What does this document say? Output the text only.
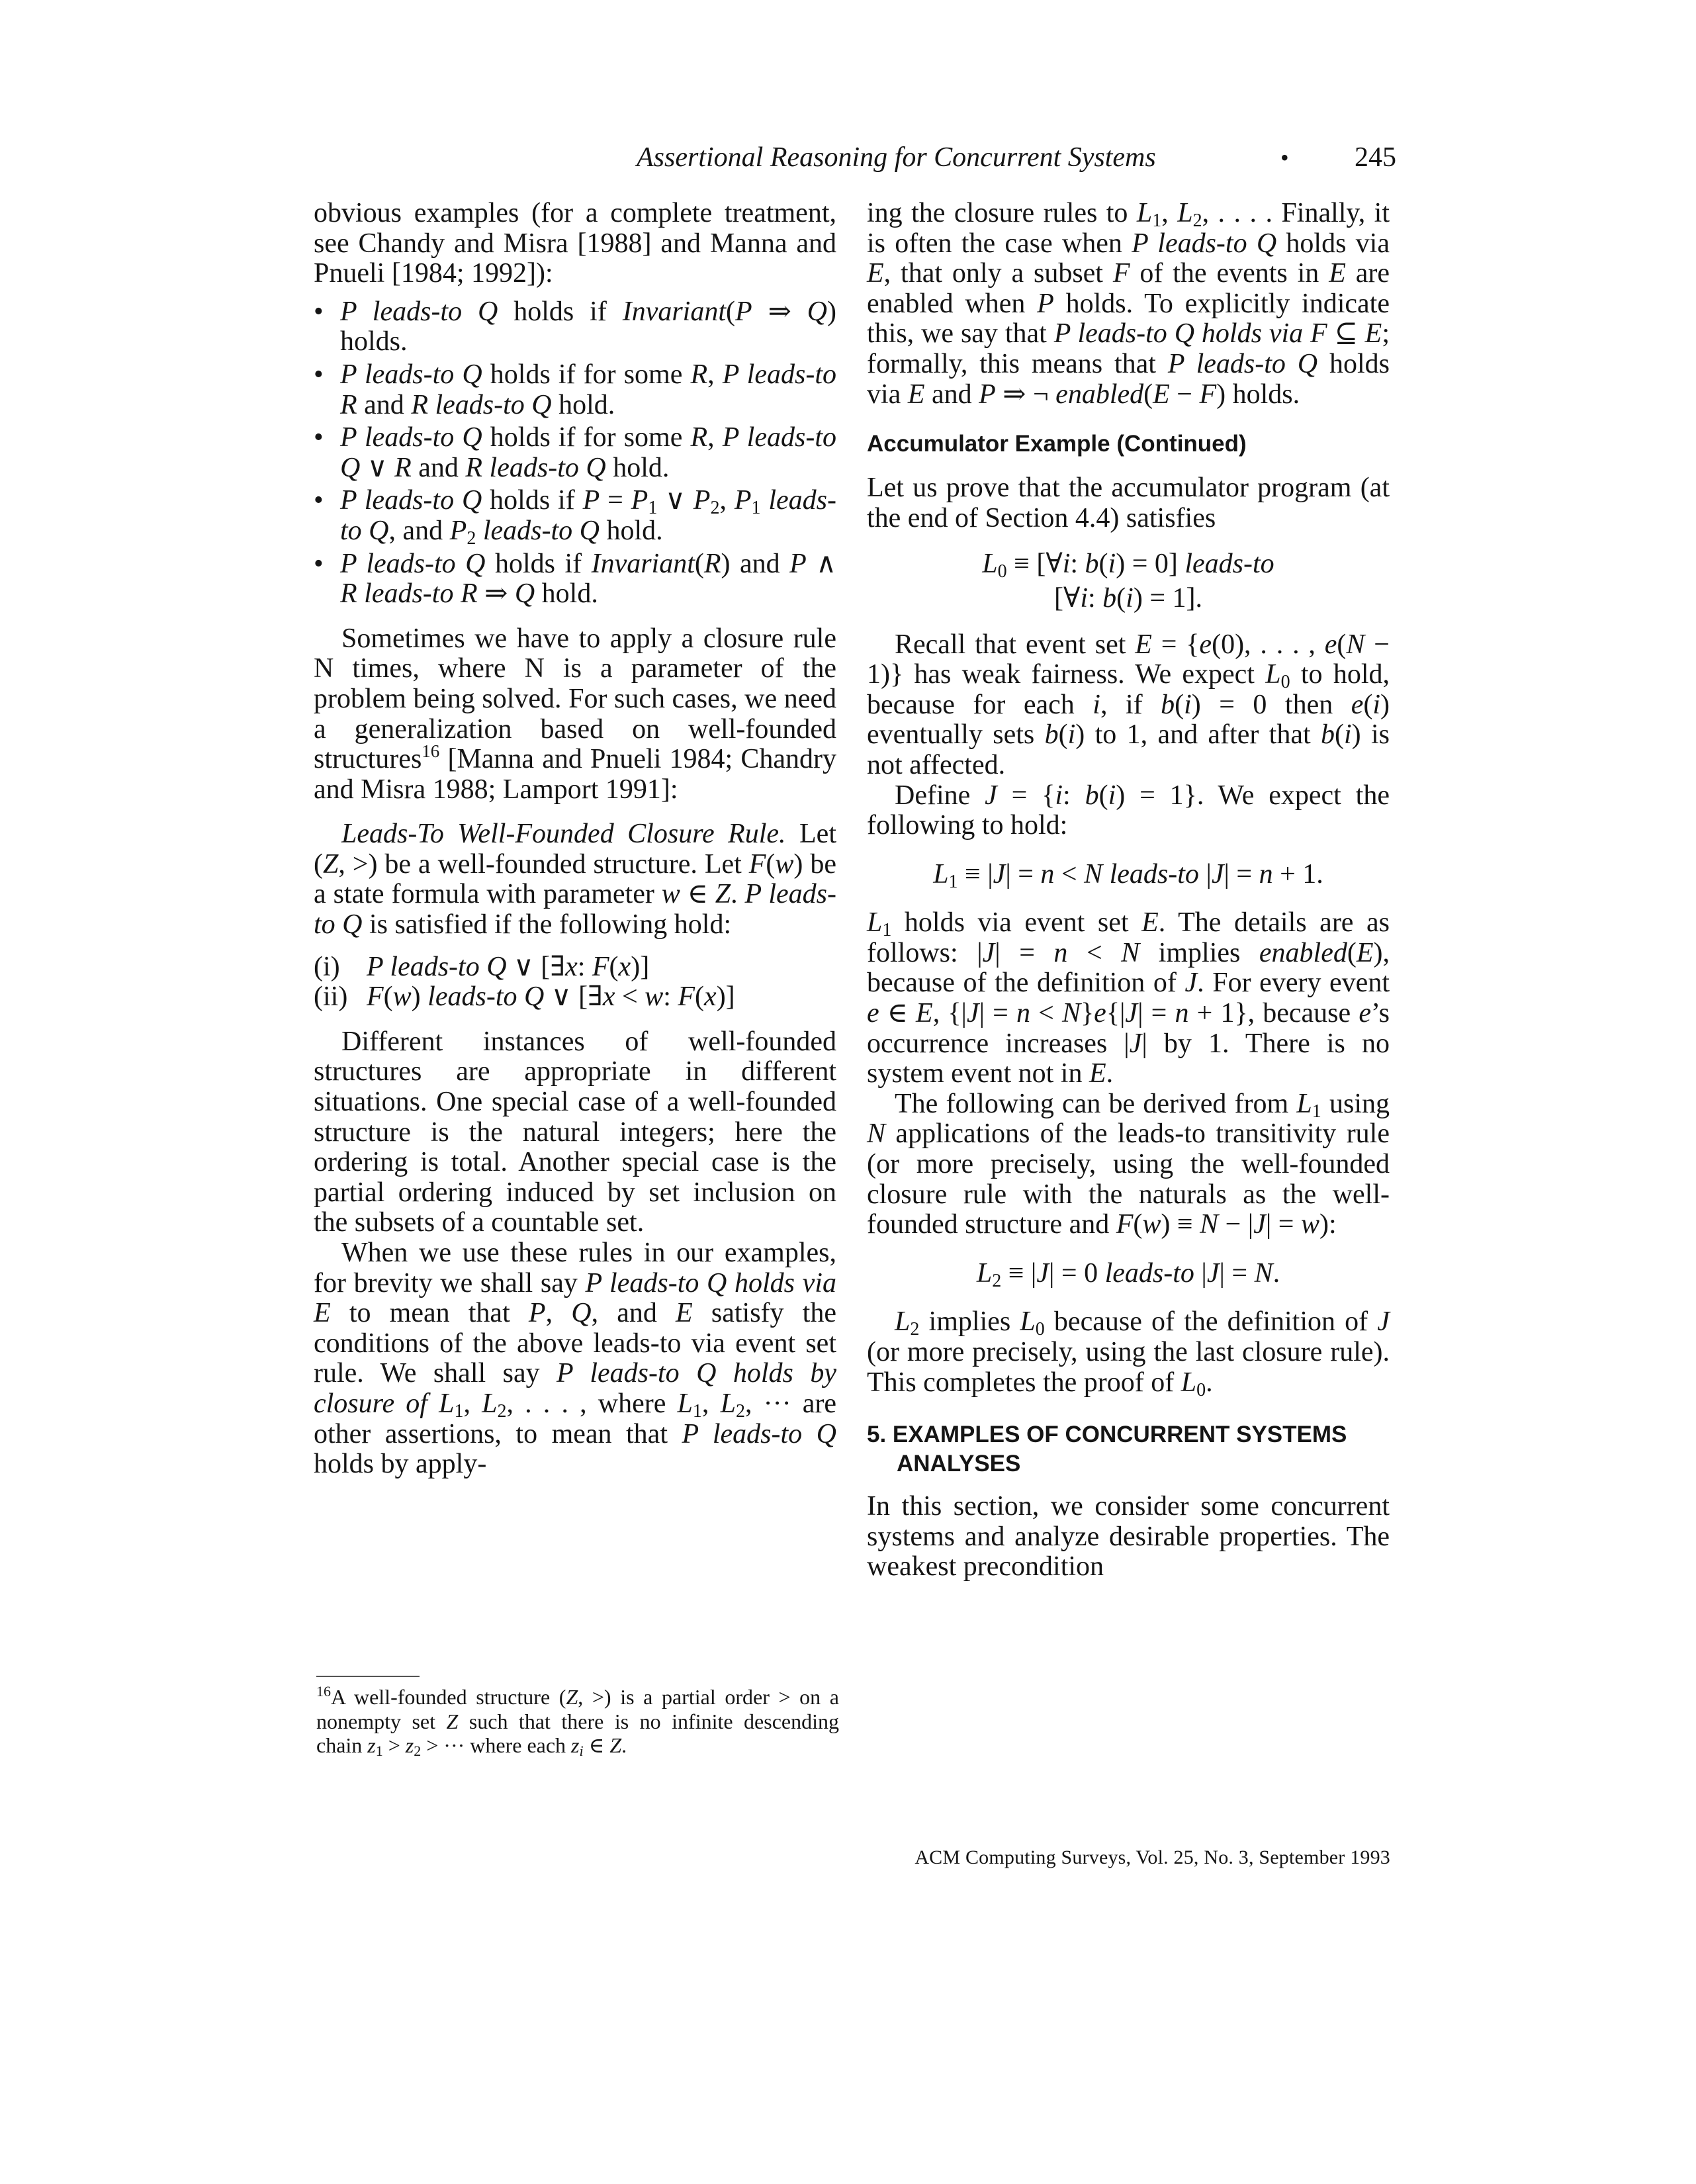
Assertional Reasoning for Concurrent Systems	• 245

obvious examples (for a complete treatment, see Chandy and Misra [1988] and Manna and Pnueli [1984; 1992]):

• P leads-to Q holds if Invariant(P ⇒ Q) holds.
• P leads-to Q holds if for some R, P leads-to R and R leads-to Q hold.
• P leads-to Q holds if for some R, P leads-to Q ∨ R and R leads-to Q hold.
• P leads-to Q holds if $P = P_1$ ∨ $P_2$, $P_1$ leads-to Q, and $P_2$ leads-to Q hold.
• P leads-to Q holds if Invariant(R) and P ∧ R leads-to R ⇒ Q hold.

Sometimes we have to apply a closure rule N times, where N is a parameter of the problem being solved. For such cases, we need a generalization based on well-founded structures$^{16}$ [Manna and Pnueli 1984; Chandry and Misra 1988; Lamport 1991]:

Leads-To Well-Founded Closure Rule. Let (Z, >) be a well-founded structure. Let F(w) be a state formula with parameter w ∈ Z. P leads-to Q is satisfied if the following hold:

(i) P leads-to Q ∨ [∃x: F(x)]
(ii) F(w) leads-to Q ∨ [∃x < w: F(x)]

Different instances of well-founded structures are appropriate in different situations. One special case of a well-founded structure is the natural integers; here the ordering is total. Another special case is the partial ordering induced by set inclusion on the subsets of a countable set.

When we use these rules in our examples, for brevity we shall say P leads-to Q holds via E to mean that P, Q, and E satisfy the conditions of the above leads-to via event set rule. We shall say P leads-to Q holds by closure of $L_1$, $L_2$, . . . , where $L_1$, $L_2$, ··· are other assertions, to mean that P leads-to Q holds by apply-

ing the closure rules to $L_1$, $L_2$, . . . . Finally, it is often the case when P leads-to Q holds via E, that only a subset F of the events in E are enabled when P holds. To explicitly indicate this, we say that P leads-to Q holds via F ⊆ E; formally, this means that P leads-to Q holds via E and P ⇒ ¬ enabled(E − F) holds.

Accumulator Example (Continued)

Let us prove that the accumulator program (at the end of Section 4.4) satisfies

$L_0$ ≡ [∀i: b(i) = 0] leads-to
[∀i: b(i) = 1].

Recall that event set E = {e(0), . . . , e(N − 1)} has weak fairness. We expect $L_0$ to hold, because for each i, if b(i) = 0 then e(i) eventually sets b(i) to 1, and after that b(i) is not affected.

Define J = {i: b(i) = 1}. We expect the following to hold:

$L_1 \equiv |J| = n < N$ leads-to |J| = n + 1.

$L_1$ holds via event set E. The details are as follows: |J| = n < N implies enabled(E), because of the definition of J. For every event e ∈ E, {|J| = n < N}e{|J| = n + 1}, because e’s occurrence increases |J| by 1. There is no system event not in E.

The following can be derived from $L_1$ using N applications of the leads-to transitivity rule (or more precisely, using the well-founded closure rule with the naturals as the well-founded structure and F(w) ≡ N − |J| = w):

$L_2 \equiv |J| = 0$ leads-to |J| = N.

$L_2$ implies $L_0$ because of the definition of J (or more precisely, using the last closure rule). This completes the proof of $L_0$.

5. EXAMPLES OF CONCURRENT SYSTEMS ANALYSES

In this section, we consider some concurrent systems and analyze desirable properties. The weakest precondition

$^{16}$A well-founded structure (Z, >) is a partial order > on a nonempty set Z such that there is no infinite descending chain $z_1 > z_2$ > ··· where each $z_i$ ∈ Z.
ACM Computing Surveys, Vol. 25, No. 3, September 1993
